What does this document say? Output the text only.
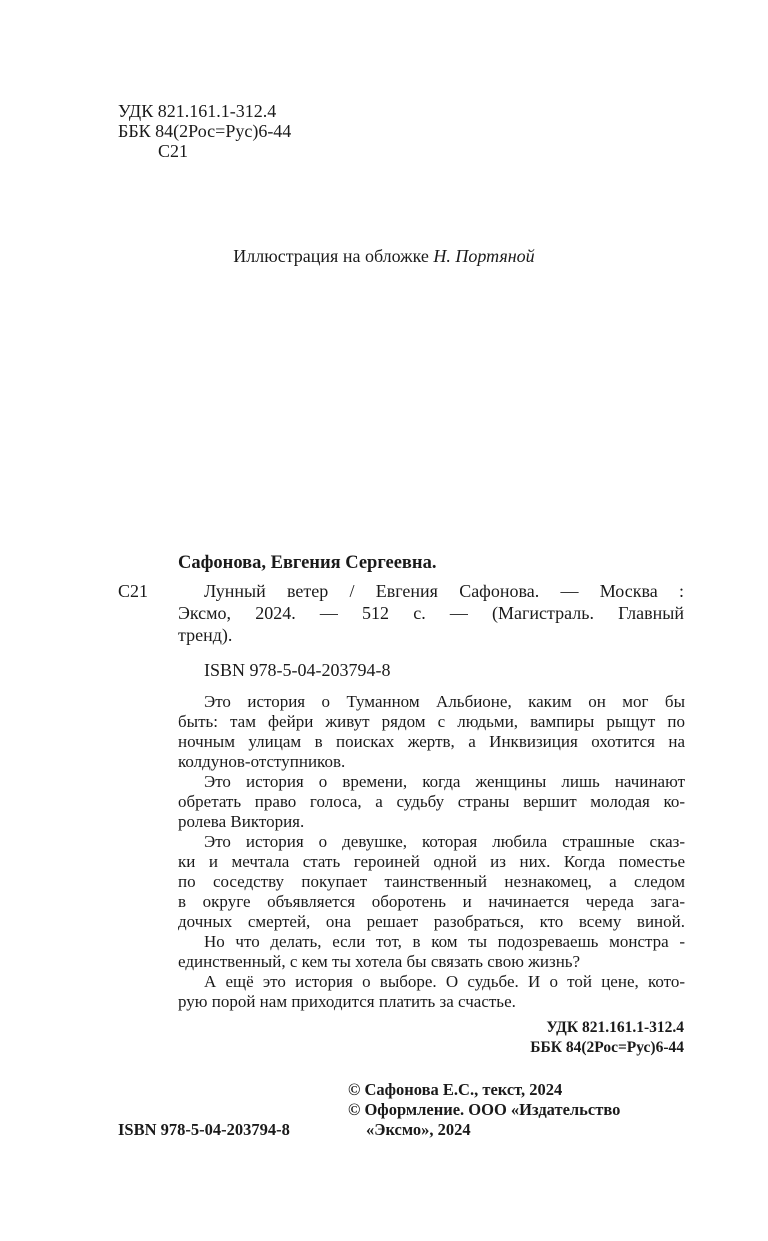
УДК 821.161.1-312.4
ББК 84(2Рос=Рус)6-44
С21
Иллюстрация на обложке Н. Портяной
Сафонова, Евгения Сергеевна.
С21	Лунный ветер / Евгения Сафонова. — Москва :
Эксмо, 2024. — 512 с. — (Магистраль. Главный
тренд).
ISBN 978-5-04-203794-8

Это история о Туманном Альбионе, каким он мог бы
быть: там фейри живут рядом с людьми, вампиры рыщут по
ночным улицам в поисках жертв, а Инквизиция охотится на
колдунов-отступников.

Это история о времени, когда женщины лишь начинают
обретать право голоса, а судьбу страны вершит молодая ко-
ролева Виктория.

Это история о девушке, которая любила страшные сказ-
ки и мечтала стать героиней одной из них. Когда поместье
по соседству покупает таинственный незнакомец, а следом
в округе объявляется оборотень и начинается череда зага-
дочных смертей, она решает разобраться, кто всему виной.

Но что делать, если тот, в ком ты подозреваешь монстра -
единственный, с кем ты хотела бы связать свою жизнь?

А ещё это история о выборе. О судьбе. И о той цене, кото-
рую порой нам приходится платить за счастье.

УДК 821.161.1-312.4
ББК 84(2Рос=Рус)6-44
© Сафонова Е.С., текст, 2024
© Оформление. ООО «Издательство
«Эксмо», 2024
ISBN 978-5-04-203794-8
